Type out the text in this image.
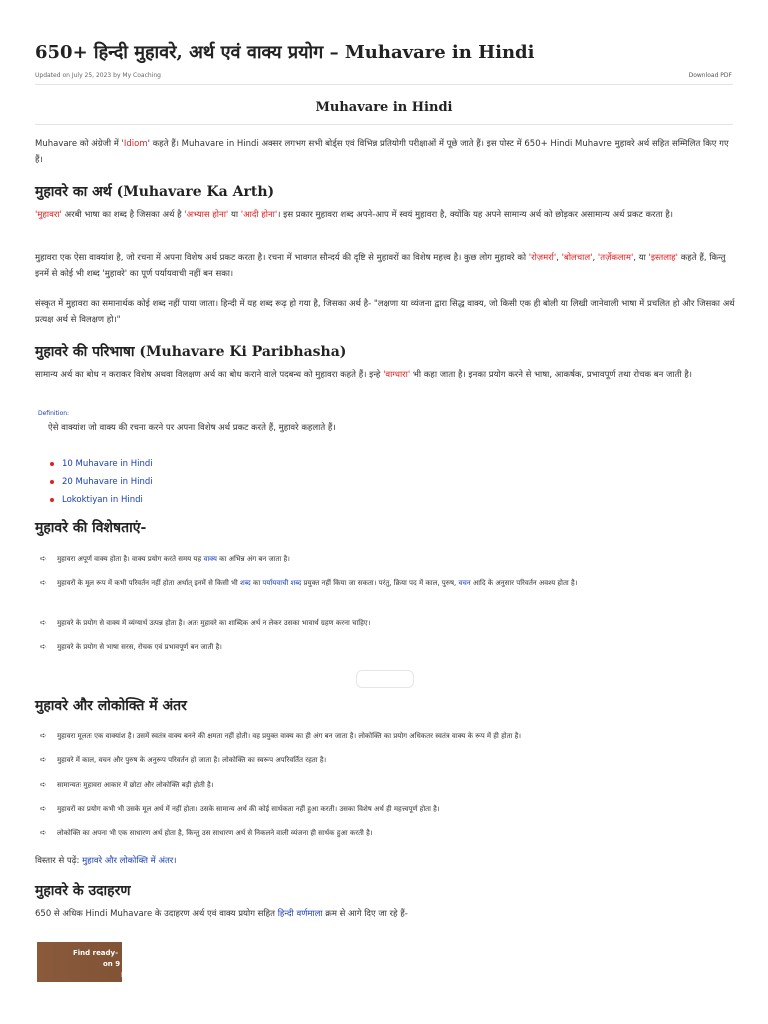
650+ हिन्दी मुहावरे, अर्थ एवं वाक्य प्रयोग – Muhavare in Hindi
Updated on July 25, 2023 by My Coaching	Download PDF
Muhavare in Hindi

Muhavare को अंग्रेजी में 'Idiom' कहते हैं। Muhavare in Hindi अक्सर लगभग सभी बोर्ड्स एवं विभिन्न प्रतियोगी परीक्षाओं में पूछे जाते हैं। इस पोस्ट में 650+ Hindi Muhavre मुहावरे अर्थ सहित सम्मिलित किए गए हैं।

मुहावरे का अर्थ (Muhavare Ka Arth)

'मुहावरा' अरबी भाषा का शब्द है जिसका अर्थ है 'अभ्यास होना' या 'आदी होना'। इस प्रकार मुहावरा शब्द अपने-आप में स्वयं मुहावरा है, क्योंकि यह अपने सामान्य अर्थ को छोड़कर असामान्य अर्थ प्रकट करता है।

मुहावरा एक ऐसा वाक्यांश है, जो रचना में अपना विशेष अर्थ प्रकट करता है। रचना में भावगत सौन्दर्य की दृष्टि से मुहावरों का विशेष महत्त्व है। कुछ लोग मुहावरे को 'रोज़मर्रा', 'बोलचाल', 'तर्ज़ेकलाम', या 'इस्तलाह' कहते हैं, किन्तु इनमें से कोई भी शब्द 'मुहावरे' का पूर्ण पर्यायवाची नहीं बन सका।

संस्कृत में मुहावरा का समानार्थक कोई शब्द नहीं पाया जाता। हिन्दी में यह शब्द रूढ़ हो गया है, जिसका अर्थ है- "लक्षणा या व्यंजना द्वारा सिद्ध वाक्य, जो किसी एक ही बोली या लिखी जानेवाली भाषा में प्रचलित हो और जिसका अर्थ प्रत्यक्ष अर्थ से विलक्षण हो।"

मुहावरे की परिभाषा (Muhavare Ki Paribhasha)

सामान्य अर्थ का बोध न कराकर विशेष अथवा विलक्षण अर्थ का बोध कराने वाले पदबन्ध को मुहावरा कहते हैं। इन्हे 'वाग्धारा' भी कहा जाता है। इनका प्रयोग करने से भाषा, आकर्षक, प्रभावपूर्ण तथा रोचक बन जाती है।

Definition:
ऐसे वाक्यांश जो वाक्य की रचना करने पर अपना विशेष अर्थ प्रकट करते हैं, मुहावरे कहलाते हैं।
10 Muhavare in Hindi
20 Muhavare in Hindi
Lokoktiyan in Hindi
मुहावरे की विशेषताएं-
➪ मुहावरा अपूर्ण वाक्य होता है। वाक्य प्रयोग करते समय यह वाक्य का अभिन्न अंग बन जाता है।
➪ मुहावरों के मूल रूप में कभी परिवर्तन नहीं होता अर्थात् इनमें से किसी भी शब्द का पर्यायवाची शब्द प्रयुक्त नहीं किया जा सकता। परंतु, क्रिया पद में काल, पुरुष, वचन आदि के अनुसार परिवर्तन अवश्य होता है।
➪ मुहावरे के प्रयोग से वाक्य में व्यंग्यार्थ उत्पन्न होता है। अतः मुहावरे का शाब्दिक अर्थ न लेकर उसका भावार्थ ग्रहण करना चाहिए।
➪ मुहावरे के प्रयोग से भाषा सरस, रोचक एवं प्रभावपूर्ण बन जाती है।
मुहावरे और लोकोक्ति में अंतर
➪ मुहावरा मूलतः एक वाक्यांश है। उसमें स्वतंत्र वाक्य बनने की क्षमता नहीं होती। वह प्रयुक्त वाक्य का ही अंग बन जाता है। लोकोक्ति का प्रयोग अधिकतर स्वतंत्र वाक्य के रूप में ही होता है।
➪ मुहावरे में काल, वचन और पुरुष के अनुरूप परिवर्तन हो जाता है। लोकोक्ति का स्वरूप अपरिवर्तित रहता है।
➪ सामान्यतः मुहावरा आकार में छोटा और लोकोक्ति बड़ी होती है।
➪ मुहावरों का प्रयोग कभी भी उसके मूल अर्थ में नहीं होता। उसके सामान्य अर्थ की कोई सार्थकता नहीं हुआ करती। उसका विशेष अर्थ ही महत्त्वपूर्ण होता है।
➪ लोकोक्ति का अपना भी एक साधारण अर्थ होता है, किन्तु उस साधारण अर्थ से निकलने वाली व्यंजना ही सार्थक हुआ करती है।

विस्तार से पढ़ें: मुहावरे और लोकोक्ति में अंतर।

मुहावरे के उदाहरण

650 से अधिक Hindi Muhavare के उदाहरण अर्थ एवं वाक्य प्रयोग सहित हिन्दी वर्णमाला क्रम से आगे दिए जा रहे हैं-

Find ready-
on 9
